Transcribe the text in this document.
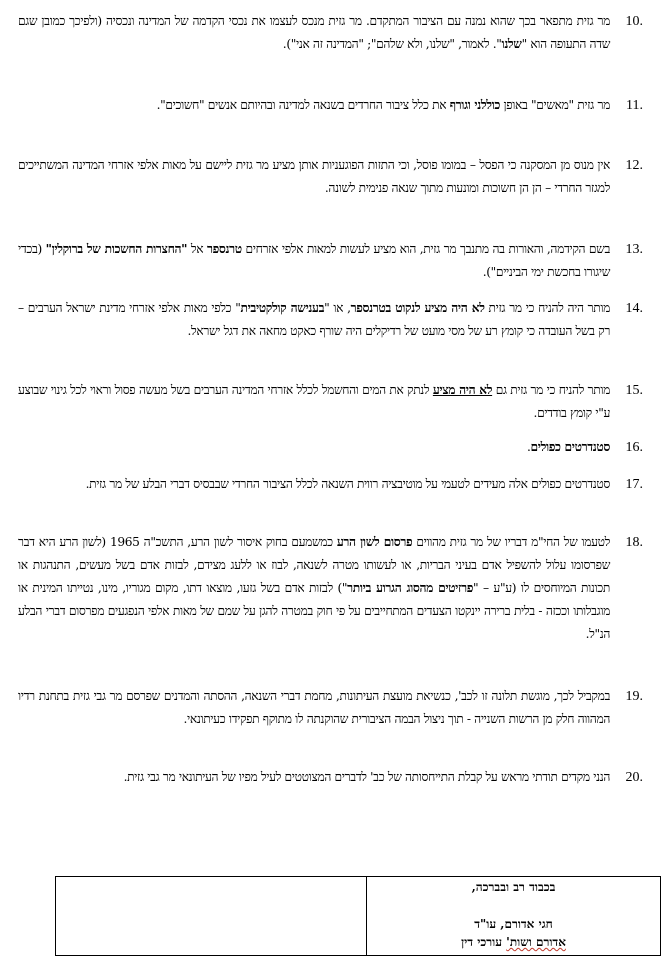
10.
מר גזית מתפאר בכך שהוא נמנה עם הציבור המתקדם. מר גזית מנכס לעצמו את נכסי הקדמה של המדינה ונכסיה (ולפיכך כמובן שגם שדה התעופה הוא "שלנו". לאמור, "שלנו, ולא שלהם"; "המדינה זה אני").
11.
מר גזית "מאשים" באופן כוללני וגורף את כלל ציבור החרדים בשנאה למדינה ובהיותם אנשים "חשוכים".
12.
אין מנוס מן המסקנה כי הפסל – במומו פוסל, וכי התזות הפוגעניות אותן מציע מר גזית ליישם על מאות אלפי אזרחי המדינה המשתייכים למגזר החרדי – הן הן חשוכות ומונעות מתוך שנאה פנימית לשונה.
13.
בשם הקידמה, והאורות בה מתנבך מר גזית, הוא מציע לעשות למאות אלפי אזרחים טרנספר אל "החצרות החשכות של ברוקלין" (בכדי שיגורו בחכשת ימי הביניים").
14.
מותר היה להניח כי מר גזית לא היה מציע לנקוט בטרנספר, או "בענישה קולקטיבית" כלפי מאות אלפי אזרחי מדינת ישראל הערבים – רק בשל העובדה כי קומץ רע של מסי מועט של רדיקלים היה שורף כאקט מחאה את דגל ישראל.
15.
מותר להניח כי מר גזית גם לא היה מציע לנתק את המים והחשמל לכלל אזרחי המדינה הערבים בשל מעשה פסול וראוי לכל גינוי שבוצע ע"י קומץ בודדים.
16.
סטנדרטים כפולים.
17.
סטנדרטים כפולים אלה מעידים לטעמי על מוטיבציה רווית השנאה לכלל הציבור החרדי שבבסיס דברי הבלע של מר גזית.
18.
לטעמו של החי"מ דבריו של מר גזית מהווים פרסום לשון הרע כמשמעם בחוק איסור לשון הרע, התשכ"ה 1965 (לשון הרע היא דבר שפרסומו עלול להשפיל אדם בעיני הבריות, או לעשותו מטרה לשנאה, לבוז או ללעג מצידם, לבזות אדם בשל מעשים, התנהגות או תכונות המיוחסים לו (ע"ע – "פרזיטים מהסוג הגרוע ביותר") לבזות אדם בשל גזעו, מוצאו דתו, מקום מגוריו, מינו, נטייתו המינית או מוגבלותו וככזה - בלית ברירה יינקטו הצעדים המתחייבים על פי חוק במטרה להגן על שמם של מאות אלפי הנפגעים מפרסום דברי הבלע הנ"ל.
19.
במקביל לכך, מוגשת תלונה זו לכב', כנשיאת מועצת העיתונות, מחמת דברי השנאה, ההסתה והמדנים שפרסם מר גבי גזית בתחנת רדיו המהווה חלק מן הרשות השנייה - תוך ניצול הבמה הציבורית שהוקנתה לו מתוקף תפקידו כעיתונאי.
20.
הנני מקדים תודתי מראש על קבלת התייחסותה של כב' לדברים המצוטטים לעיל מפיו של העיתונאי מר גבי גזית.
בכבוד רב ובברכה,
חגי אדורם, עו"ד
אדורם ושות' עורכי דין
